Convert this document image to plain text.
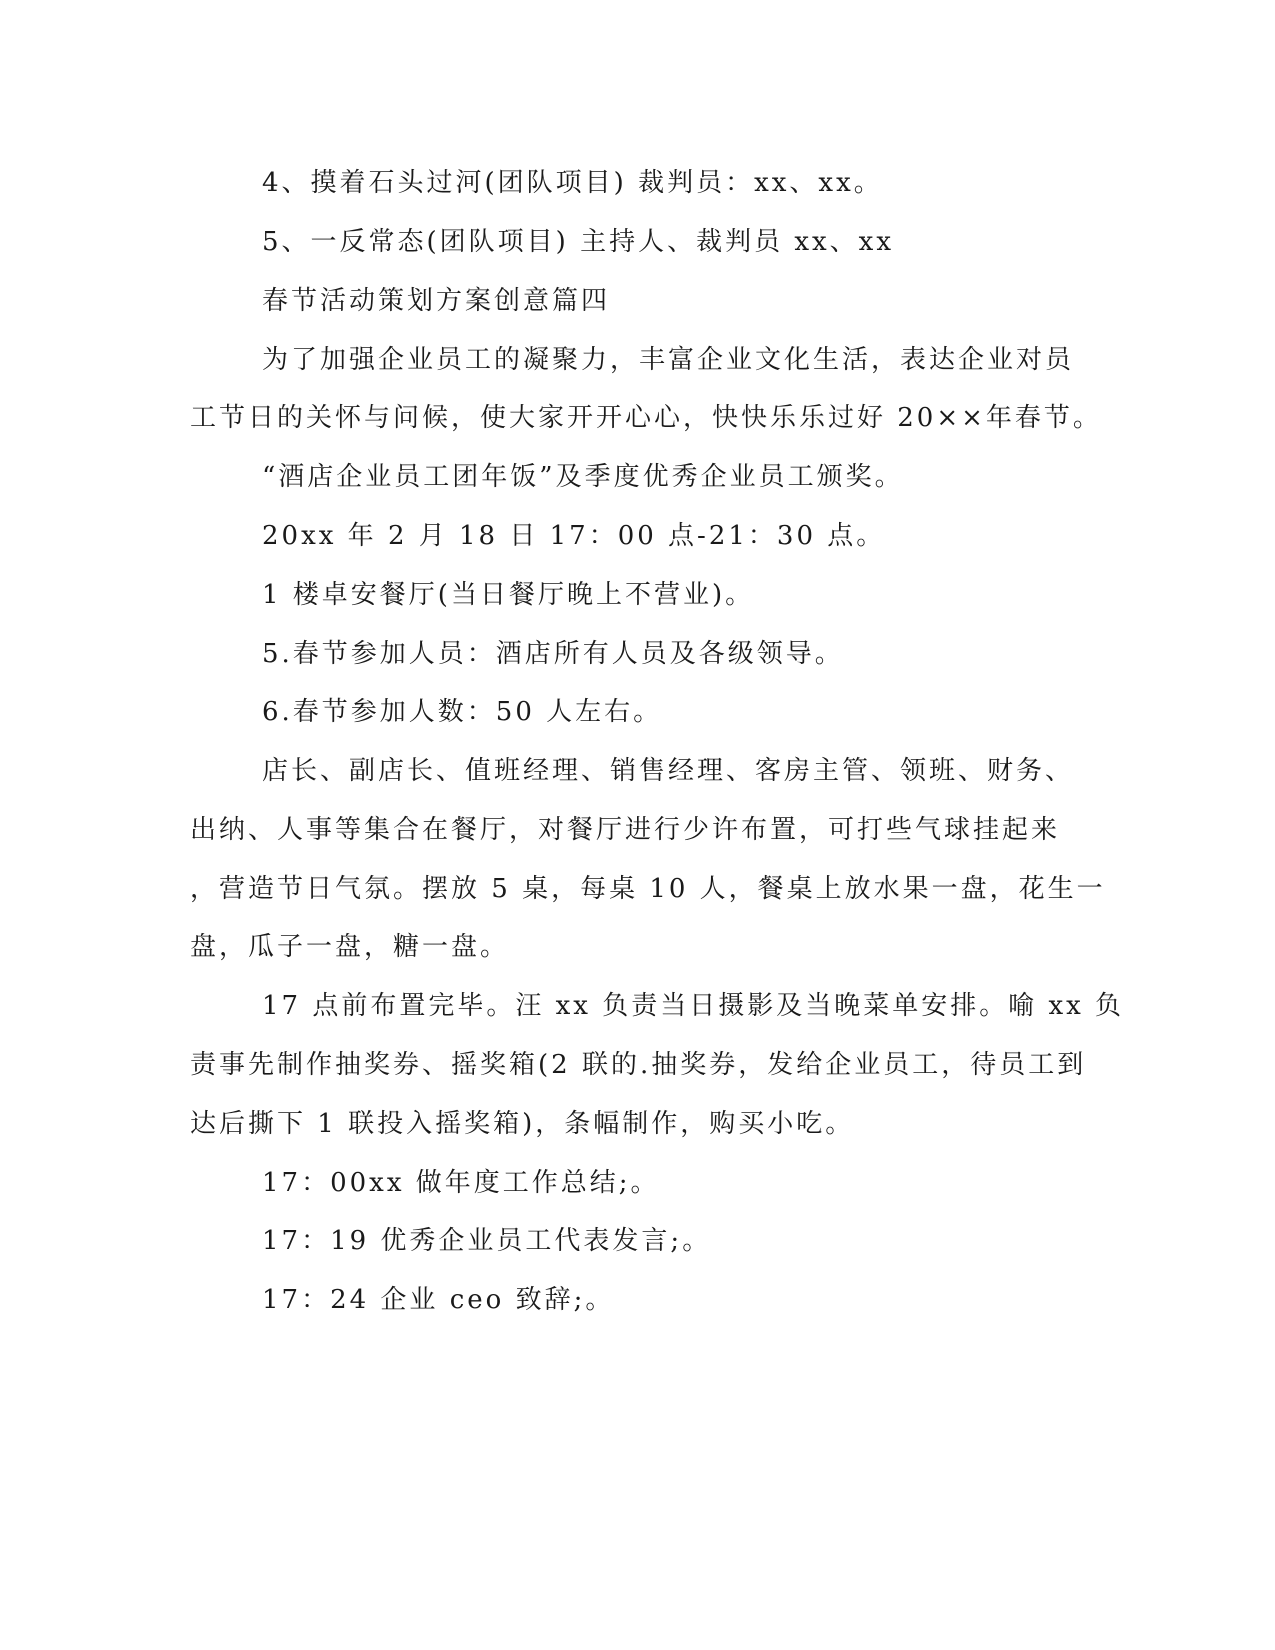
4、摸着石头过河(团队项目) 裁判员：xx、xx。
5、一反常态(团队项目) 主持人、裁判员 xx、xx
春节活动策划方案创意篇四
为了加强企业员工的凝聚力，丰富企业文化生活，表达企业对员
工节日的关怀与问候，使大家开开心心，快快乐乐过好 20××年春节。
“酒店企业员工团年饭”及季度优秀企业员工颁奖。
20xx 年 2 月 18 日 17：00 点-21：30 点。
1 楼卓安餐厅(当日餐厅晚上不营业)。
5.春节参加人员：酒店所有人员及各级领导。
6.春节参加人数：50 人左右。
店长、副店长、值班经理、销售经理、客房主管、领班、财务、
出纳、人事等集合在餐厅，对餐厅进行少许布置，可打些气球挂起来
，营造节日气氛。摆放 5 桌，每桌 10 人，餐桌上放水果一盘，花生一
盘，瓜子一盘，糖一盘。
17 点前布置完毕。汪 xx 负责当日摄影及当晚菜单安排。喻 xx 负
责事先制作抽奖券、摇奖箱(2 联的.抽奖券，发给企业员工，待员工到
达后撕下 1 联投入摇奖箱)，条幅制作，购买小吃。
17：00xx 做年度工作总结;。
17：19 优秀企业员工代表发言;。
17：24 企业 ceo 致辞;。
